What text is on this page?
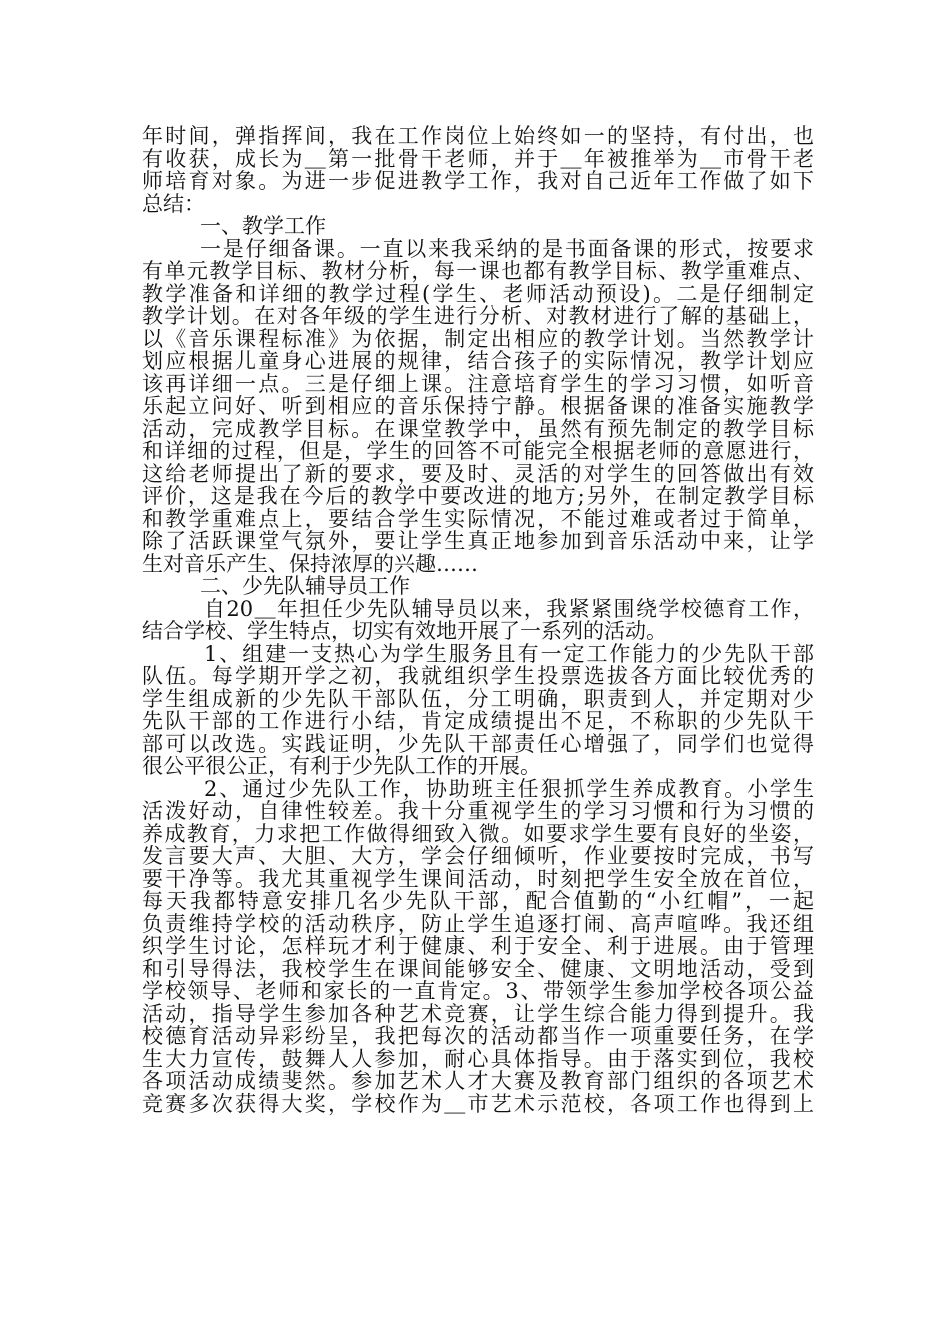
年时间，弹指挥间，我在工作岗位上始终如一的坚持，有付出，也
有收获，成长为＿第一批骨干老师，并于＿年被推举为＿市骨干老
师培育对象。为进一步促进教学工作，我对自己近年工作做了如下
总结：
一、教学工作
一是仔细备课。一直以来我采纳的是书面备课的形式，按要求
有单元教学目标、教材分析，每一课也都有教学目标、教学重难点、
教学准备和详细的教学过程(学生、老师活动预设)。二是仔细制定
教学计划。在对各年级的学生进行分析、对教材进行了解的基础上，
以《音乐课程标准》为依据，制定出相应的教学计划。当然教学计
划应根据儿童身心进展的规律，结合孩子的实际情况，教学计划应
该再详细一点。三是仔细上课。注意培育学生的学习习惯，如听音
乐起立问好、听到相应的音乐保持宁静。根据备课的准备实施教学
活动，完成教学目标。在课堂教学中，虽然有预先制定的教学目标
和详细的过程，但是，学生的回答不可能完全根据老师的意愿进行，
这给老师提出了新的要求，要及时、灵活的对学生的回答做出有效
评价，这是我在今后的教学中要改进的地方;另外，在制定教学目标
和教学重难点上，要结合学生实际情况，不能过难或者过于简单，
除了活跃课堂气氛外，要让学生真正地参加到音乐活动中来，让学
生对音乐产生、保持浓厚的兴趣……
二、少先队辅导员工作
自20＿年担任少先队辅导员以来，我紧紧围绕学校德育工作，
结合学校、学生特点，切实有效地开展了一系列的活动。
1、组建一支热心为学生服务且有一定工作能力的少先队干部
队伍。每学期开学之初，我就组织学生投票选拔各方面比较优秀的
学生组成新的少先队干部队伍，分工明确，职责到人，并定期对少
先队干部的工作进行小结，肯定成绩提出不足，不称职的少先队干
部可以改选。实践证明，少先队干部责任心增强了，同学们也觉得
很公平很公正，有利于少先队工作的开展。
2、通过少先队工作，协助班主任狠抓学生养成教育。小学生
活泼好动，自律性较差。我十分重视学生的学习习惯和行为习惯的
养成教育，力求把工作做得细致入微。如要求学生要有良好的坐姿，
发言要大声、大胆、大方，学会仔细倾听，作业要按时完成，书写
要干净等。我尤其重视学生课间活动，时刻把学生安全放在首位，
每天我都特意安排几名少先队干部，配合值勤的“小红帽”，一起
负责维持学校的活动秩序，防止学生追逐打闹、高声喧哗。我还组
织学生讨论，怎样玩才利于健康、利于安全、利于进展。由于管理
和引导得法，我校学生在课间能够安全、健康、文明地活动，受到
学校领导、老师和家长的一直肯定。3、带领学生参加学校各项公益
活动，指导学生参加各种艺术竞赛，让学生综合能力得到提升。我
校德育活动异彩纷呈，我把每次的活动都当作一项重要任务，在学
生大力宣传，鼓舞人人参加，耐心具体指导。由于落实到位，我校
各项活动成绩斐然。参加艺术人才大赛及教育部门组织的各项艺术
竞赛多次获得大奖，学校作为＿市艺术示范校，各项工作也得到上
